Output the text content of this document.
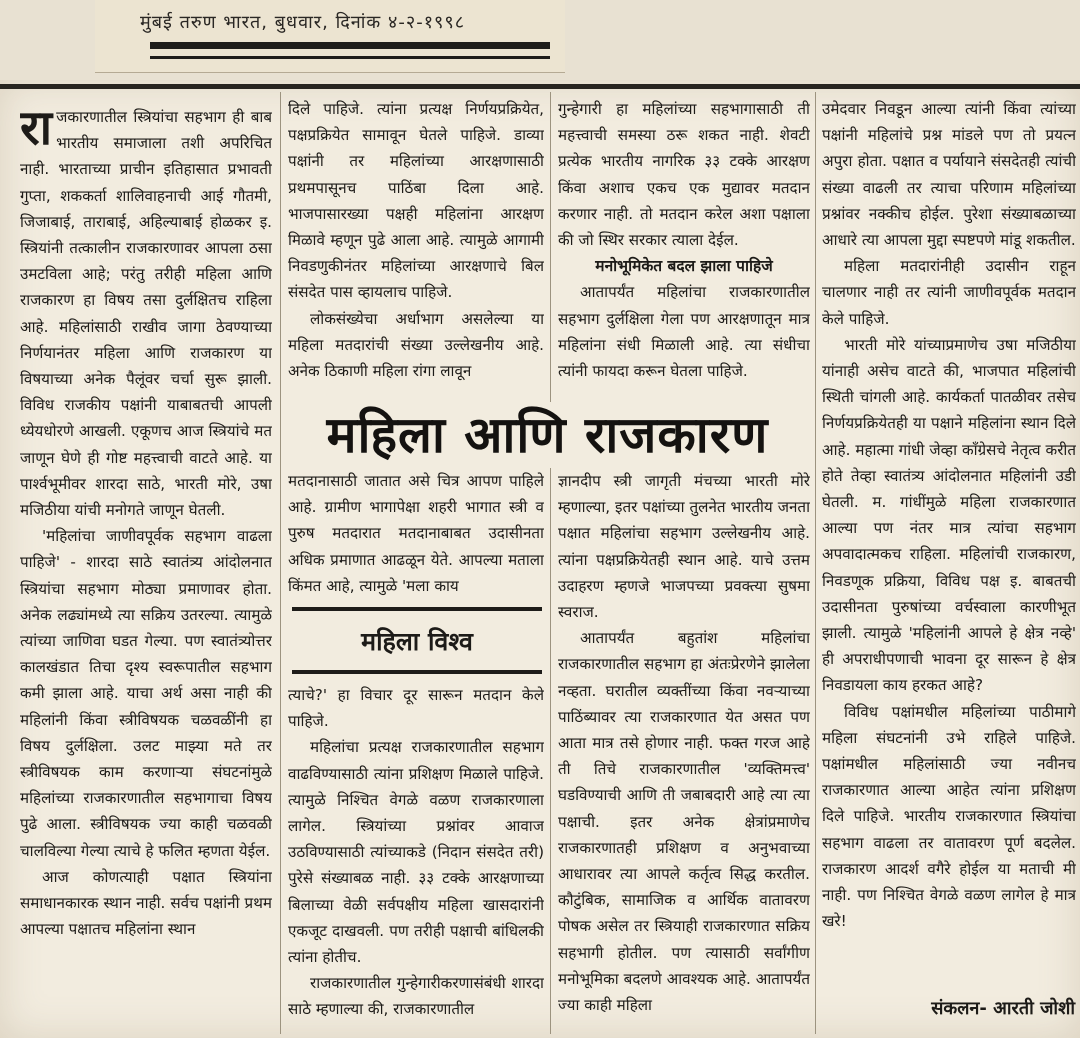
मुंबई तरुण भारत, बुधवार, दिनांक ४-२-१९९८

राजकारणातील स्त्रियांचा सहभाग ही बाब भारतीय समाजाला तशी अपरिचित नाही. भारताच्या प्राचीन इतिहासात प्रभावती गुप्ता, शककर्ता शालिवाहनाची आई गौतमी, जिजाबाई, ताराबाई, अहिल्याबाई होळकर इ. स्त्रियांनी तत्कालीन राजकारणावर आपला ठसा उमटविला आहे; परंतु तरीही महिला आणि राजकारण हा विषय तसा दुर्लक्षितच राहिला आहे. महिलांसाठी राखीव जागा ठेवण्याच्या निर्णयानंतर महिला आणि राजकारण या विषयाच्या अनेक पैलूंवर चर्चा सुरू झाली. विविध राजकीय पक्षांनी याबाबतची आपली ध्येयधोरणे आखली. एकूणच आज स्त्रियांचे मत जाणून घेणे ही गोष्ट महत्त्वाची वाटते आहे. या पार्श्वभूमीवर शारदा साठे, भारती मोरे, उषा मजिठीया यांची मनोगते जाणून घेतली.

'महिलांचा जाणीवपूर्वक सहभाग वाढला पाहिजे' - शारदा साठे स्वातंत्र्य आंदोलनात स्त्रियांचा सहभाग मोठ्या प्रमाणावर होता. अनेक लढ्यांमध्ये त्या सक्रिय उतरल्या. त्यामुळे त्यांच्या जाणिवा घडत गेल्या. पण स्वातंत्र्योत्तर कालखंडात तिचा दृश्य स्वरूपातील सहभाग कमी झाला आहे. याचा अर्थ असा नाही की महिलांनी किंवा स्त्रीविषयक चळवळींनी हा विषय दुर्लक्षिला. उलट माझ्या मते तर स्त्रीविषयक काम करणाऱ्या संघटनांमुळे महिलांच्या राजकारणातील सहभागाचा विषय पुढे आला. स्त्रीविषयक ज्या काही चळवळी चालविल्या गेल्या त्याचे हे फलित म्हणता येईल.

आज कोणत्याही पक्षात स्त्रियांना समाधानकारक स्थान नाही. सर्वच पक्षांनी प्रथम आपल्या पक्षातच महिलांना स्थान

दिले पाहिजे. त्यांना प्रत्यक्ष निर्णयप्रक्रियेत, पक्षप्रक्रियेत सामावून घेतले पाहिजे. डाव्या पक्षांनी तर महिलांच्या आरक्षणासाठी प्रथमपासूनच पाठिंबा दिला आहे. भाजपासारख्या पक्षही महिलांना आरक्षण मिळावे म्हणून पुढे आला आहे. त्यामुळे आगामी निवडणुकीनंतर महिलांच्या आरक्षणाचे बिल संसदेत पास व्हायलाच पाहिजे.

लोकसंख्येचा अर्धाभाग असलेल्या या महिला मतदारांची संख्या उल्लेखनीय आहे. अनेक ठिकाणी महिला रांगा लावून

गुन्हेगारी हा महिलांच्या सहभागासाठी ती महत्त्वाची समस्या ठरू शकत नाही. शेवटी प्रत्येक भारतीय नागरिक ३३ टक्के आरक्षण किंवा अशाच एकच एक मुद्यावर मतदान करणार नाही. तो मतदान करेल अशा पक्षाला की जो स्थिर सरकार त्याला देईल.

मनोभूमिकेत बदल झाला पाहिजे

आतापर्यंत महिलांचा राजकारणातील सहभाग दुर्लक्षिला गेला पण आरक्षणातून मात्र महिलांना संधी मिळाली आहे. त्या संधीचा त्यांनी फायदा करून घेतला पाहिजे.

महिला आणि राजकारण

मतदानासाठी जातात असे चित्र आपण पाहिले आहे. ग्रामीण भागापेक्षा शहरी भागात स्त्री व पुरुष मतदारात मतदानाबाबत उदासीनता अधिक प्रमाणात आढळून येते. आपल्या मताला किंमत आहे, त्यामुळे 'मला काय

महिला विश्व

त्याचे?' हा विचार दूर सारून मतदान केले पाहिजे.

महिलांचा प्रत्यक्ष राजकारणातील सहभाग वाढविण्यासाठी त्यांना प्रशिक्षण मिळाले पाहिजे. त्यामुळे निश्चित वेगळे वळण राजकारणाला लागेल. स्त्रियांच्या प्रश्नांवर आवाज उठविण्यासाठी त्यांच्याकडे (निदान संसदेत तरी) पुरेसे संख्याबळ नाही. ३३ टक्के आरक्षणाच्या बिलाच्या वेळी सर्वपक्षीय महिला खासदारांनी एकजूट दाखवली. पण तरीही पक्षाची बांधिलकी त्यांना होतीच.

राजकारणातील गुन्हेगारीकरणासंबंधी शारदा साठे म्हणाल्या की, राजकारणातील

ज्ञानदीप स्त्री जागृती मंचच्या भारती मोरे म्हणाल्या, इतर पक्षांच्या तुलनेत भारतीय जनता पक्षात महिलांचा सहभाग उल्लेखनीय आहे. त्यांना पक्षप्रक्रियेतही स्थान आहे. याचे उत्तम उदाहरण म्हणजे भाजपच्या प्रवक्त्या सुषमा स्वराज.

आतापर्यंत बहुतांश महिलांचा राजकारणातील सहभाग हा अंतःप्रेरणेने झालेला नव्हता. घरातील व्यक्तींच्या किंवा नवऱ्याच्या पाठिंब्यावर त्या राजकारणात येत असत पण आता मात्र तसे होणार नाही. फक्त गरज आहे ती तिचे राजकारणातील 'व्यक्तिमत्त्व' घडविण्याची आणि ती जबाबदारी आहे त्या त्या पक्षाची. इतर अनेक क्षेत्रांप्रमाणेच राजकारणातही प्रशिक्षण व अनुभवाच्या आधारावर त्या आपले कर्तृत्व सिद्ध करतील. कौटुंबिक, सामाजिक व आर्थिक वातावरण पोषक असेल तर स्त्रियाही राजकारणात सक्रिय सहभागी होतील. पण त्यासाठी सर्वांगीण मनोभूमिका बदलणे आवश्यक आहे. आतापर्यंत ज्या काही महिला

उमेदवार निवडून आल्या त्यांनी किंवा त्यांच्या पक्षांनी महिलांचे प्रश्न मांडले पण तो प्रयत्न अपुरा होता. पक्षात व पर्यायाने संसदेतही त्यांची संख्या वाढली तर त्याचा परिणाम महिलांच्या प्रश्नांवर नक्कीच होईल. पुरेशा संख्याबळाच्या आधारे त्या आपला मुद्दा स्पष्टपणे मांडू शकतील.

महिला मतदारांनीही उदासीन राहून चालणार नाही तर त्यांनी जाणीवपूर्वक मतदान केले पाहिजे.

भारती मोरे यांच्याप्रमाणेच उषा मजिठीया यांनाही असेच वाटते की, भाजपात महिलांची स्थिती चांगली आहे. कार्यकर्ता पातळीवर तसेच निर्णयप्रक्रियेतही या पक्षाने महिलांना स्थान दिले आहे. महात्मा गांधी जेव्हा काँग्रेसचे नेतृत्व करीत होते तेव्हा स्वातंत्र्य आंदोलनात महिलांनी उडी घेतली. म. गांधींमुळे महिला राजकारणात आल्या पण नंतर मात्र त्यांचा सहभाग अपवादात्मकच राहिला. महिलांची राजकारण, निवडणूक प्रक्रिया, विविध पक्ष इ. बाबतची उदासीनता पुरुषांच्या वर्चस्वाला कारणीभूत झाली. त्यामुळे 'महिलांनी आपले हे क्षेत्र नव्हे' ही अपराधीपणाची भावना दूर सारून हे क्षेत्र निवडायला काय हरकत आहे?

विविध पक्षांमधील महिलांच्या पाठीमागे महिला संघटनांनी उभे राहिले पाहिजे. पक्षांमधील महिलांसाठी ज्या नवीनच राजकारणात आल्या आहेत त्यांना प्रशिक्षण दिले पाहिजे. भारतीय राजकारणात स्त्रियांचा सहभाग वाढला तर वातावरण पूर्ण बदलेल. राजकारण आदर्श वगैरे होईल या मताची मी नाही. पण निश्चित वेगळे वळण लागेल हे मात्र खरे!

संकलन- आरती जोशी
